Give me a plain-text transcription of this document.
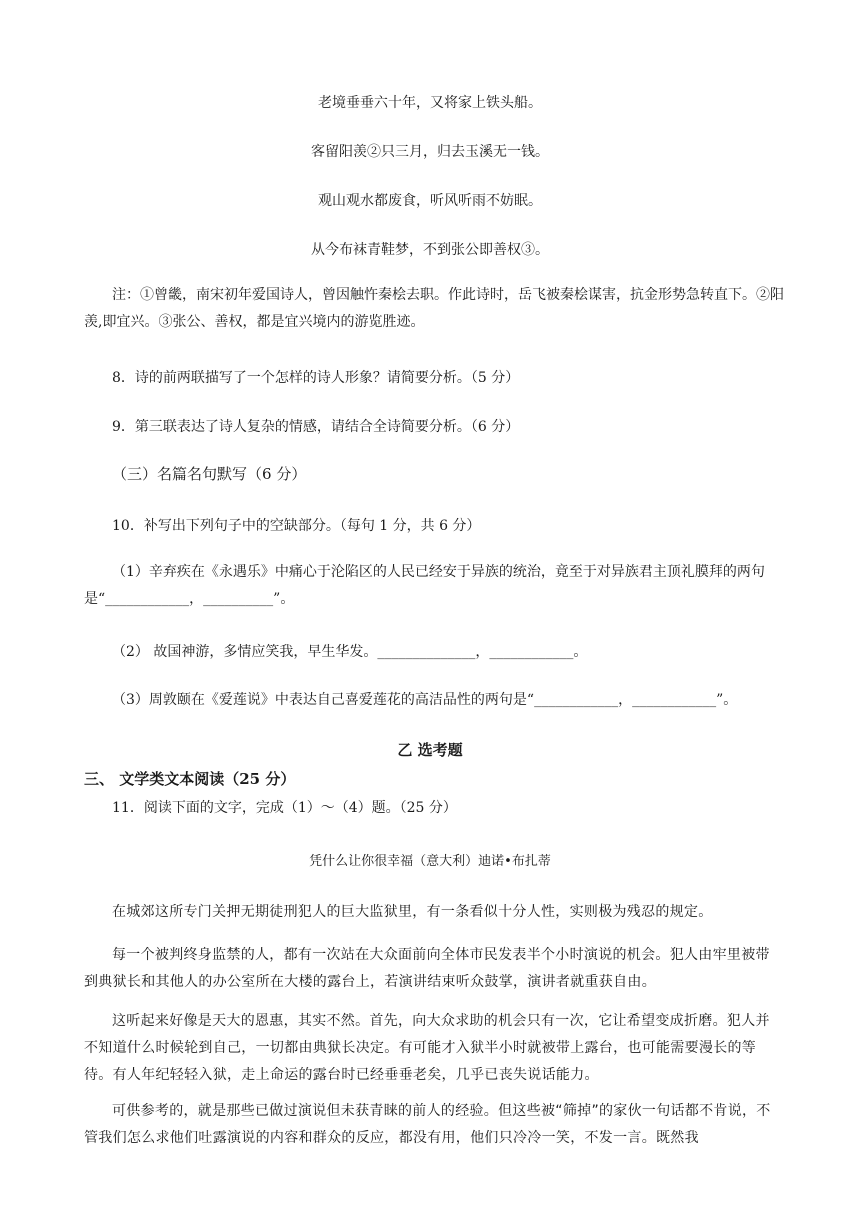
老境垂垂六十年，又将家上铁头船。
客留阳羡②只三月，归去玉溪无一钱。
观山观水都废食，听风听雨不妨眠。
从今布袜青鞋梦，不到张公即善权③。
注：①曾畿，南宋初年爱国诗人，曾因触忤秦桧去职。作此诗时，岳飞被秦桧谋害，抗金形势急转直下。②阳羡,即宜兴。③张公、善权，都是宜兴境内的游览胜迹。
8．诗的前两联描写了一个怎样的诗人形象？请简要分析。（5 分）
9．第三联表达了诗人复杂的情感，请结合全诗简要分析。（6 分）
（三）名篇名句默写（6 分）
10．补写出下列句子中的空缺部分。（每句 1 分，共 6 分）
（1）辛弃疾在《永遇乐》中痛心于沦陷区的人民已经安于异族的统治，竟至于对异族君主顶礼膜拜的两句是“____________，__________”。
（2） 故国神游，多情应笑我，早生华发。______________，____________。
（3）周敦颐在《爱莲说》中表达自己喜爱莲花的高洁品性的两句是“____________，____________”。
乙 选考题
三、 文学类文本阅读（25 分）
11．阅读下面的文字，完成（1）～（4）题。（25 分）
凭什么让你很幸福（意大利）迪诺•布扎蒂
在城郊这所专门关押无期徒刑犯人的巨大监狱里，有一条看似十分人性，实则极为残忍的规定。
每一个被判终身监禁的人，都有一次站在大众面前向全体市民发表半个小时演说的机会。犯人由牢里被带到典狱长和其他人的办公室所在大楼的露台上，若演讲结束听众鼓掌，演讲者就重获自由。
这听起来好像是天大的恩惠，其实不然。首先，向大众求助的机会只有一次，它让希望变成折磨。犯人并不知道什么时候轮到自己，一切都由典狱长决定。有可能才入狱半小时就被带上露台，也可能需要漫长的等待。有人年纪轻轻入狱，走上命运的露台时已经垂垂老矣，几乎已丧失说话能力。
可供参考的，就是那些已做过演说但未获青睐的前人的经验。但这些被“筛掉”的家伙一句话都不肯说，不管我们怎么求他们吐露演说的内容和群众的反应，都没有用，他们只冷冷一笑，不发一言。既然我
